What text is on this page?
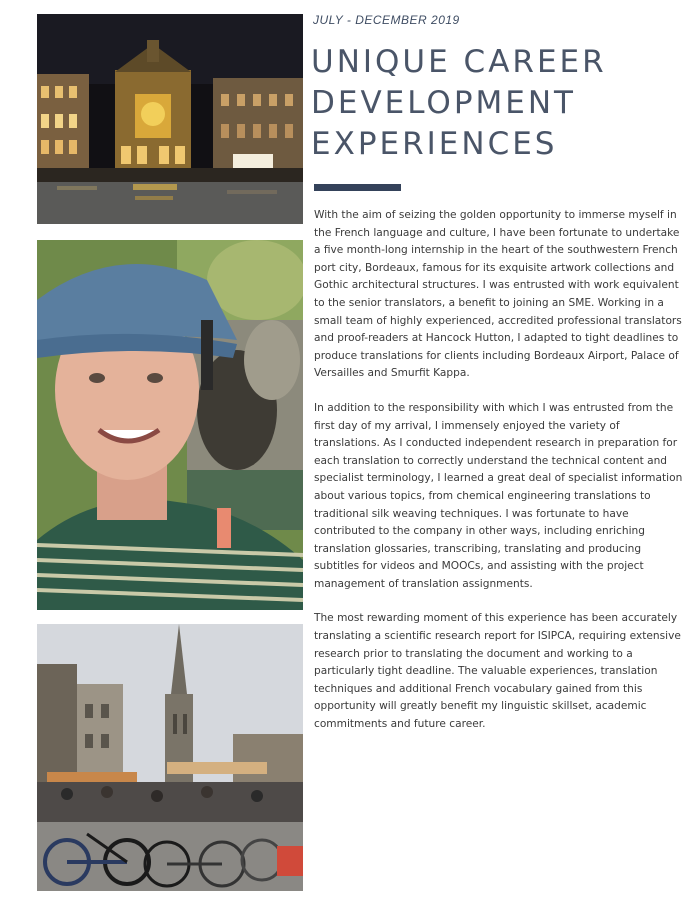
JULY - DECEMBER 2019
UNIQUE CAREER
DEVELOPMENT
EXPERIENCES

With the aim of seizing the golden opportunity to immerse myself in the French language and culture, I have been fortunate to undertake a five month-long internship in the heart of the southwestern French port city, Bordeaux, famous for its exquisite artwork collections and Gothic architectural structures. I was entrusted with work equivalent to the senior translators, a benefit to joining an SME. Working in a small team of highly experienced, accredited professional translators and proof-readers at Hancock Hutton, I adapted to tight deadlines to produce translations for clients including Bordeaux Airport, Palace of Versailles and Smurfit Kappa.

In addition to the responsibility with which I was entrusted from the first day of my arrival, I immensely enjoyed the variety of translations. As I conducted independent research in preparation for each translation to correctly understand the technical content and specialist terminology, I learned a great deal of specialist information about various topics, from chemical engineering translations to traditional silk weaving techniques. I was fortunate to have contributed to the company in other ways, including enriching translation glossaries, transcribing, translating and producing subtitles for videos and MOOCs, and assisting with the project management of translation assignments.

The most rewarding moment of this experience has been accurately translating a scientific research report for ISIPCA, requiring extensive research prior to translating the document and working to a particularly tight deadline. The valuable experiences, translation techniques and additional French vocabulary gained from this opportunity will greatly benefit my linguistic skillset, academic commitments and future career.
